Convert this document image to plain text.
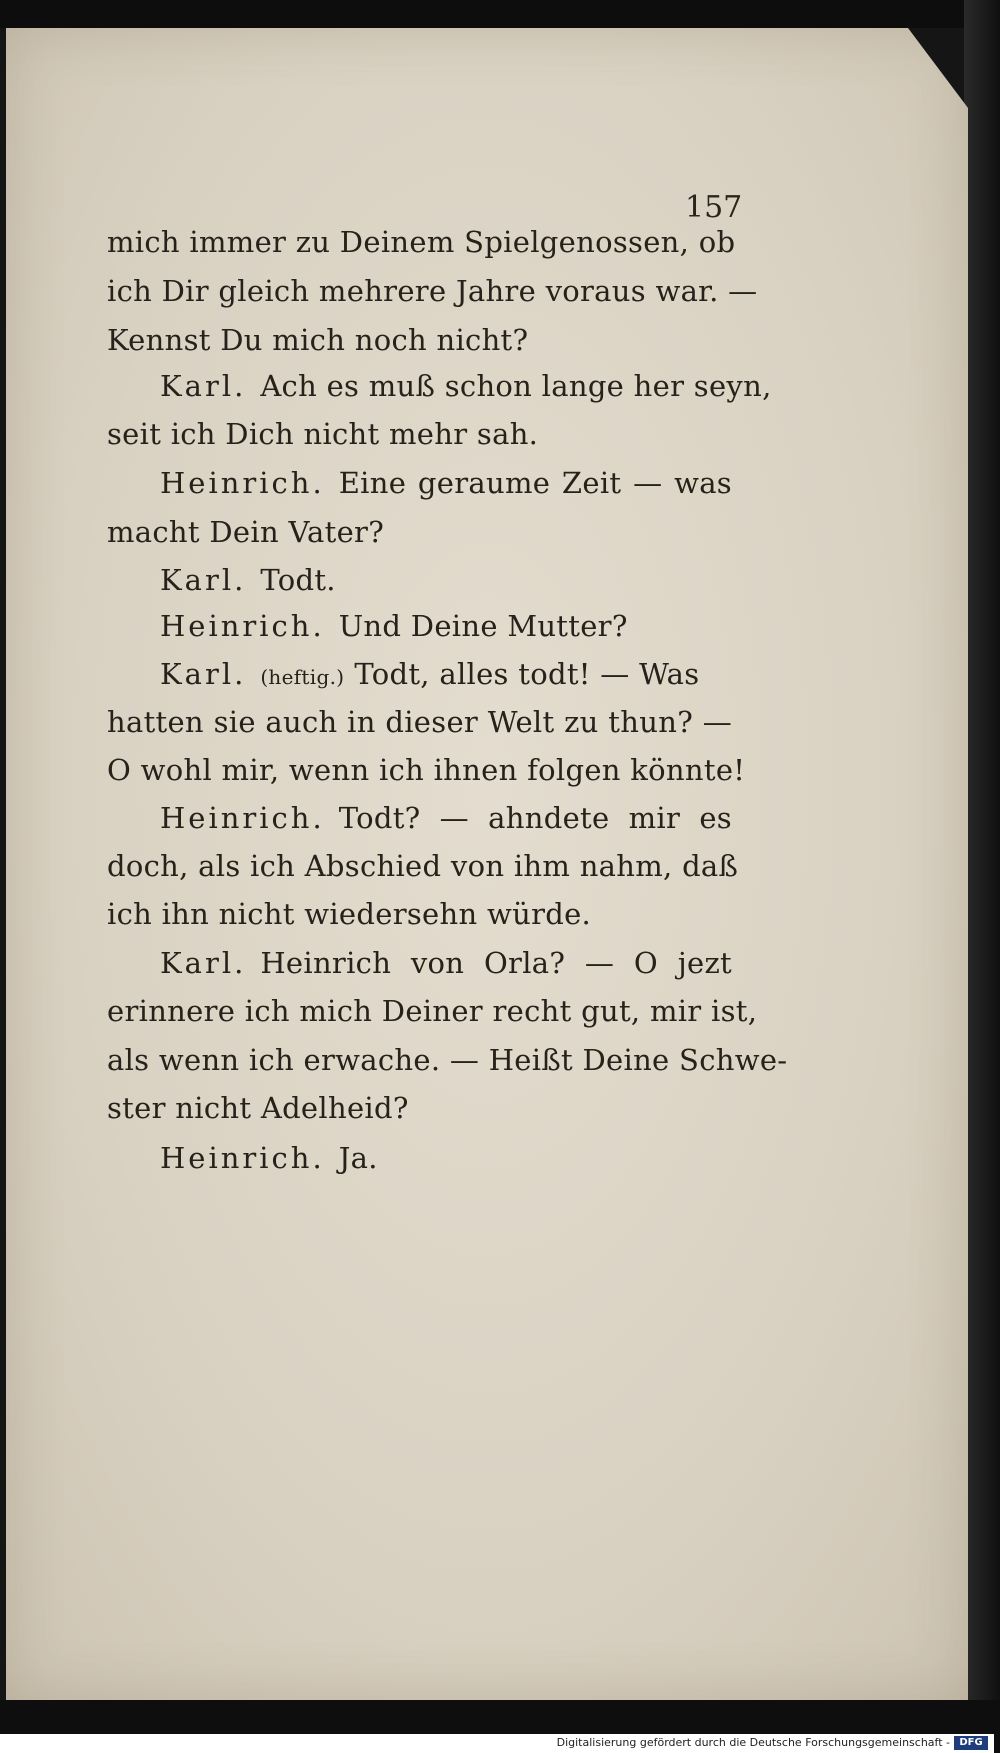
157
mich immer zu Deinem Spielgenossen, ob
ich Dir gleich mehrere Jahre voraus war. —
Kennst Du mich noch nicht?
Karl. Ach es muß schon lange her seyn,
seit ich Dich nicht mehr sah.
Heinrich. Eine geraume Zeit — was
macht Dein Vater?
Karl. Todt.
Heinrich. Und Deine Mutter?
Karl. (heftig.) Todt, alles todt! — Was
hatten sie auch in dieser Welt zu thun? —
O wohl mir, wenn ich ihnen folgen könnte!
Heinrich. Todt? — ahndete mir es
doch, als ich Abschied von ihm nahm, daß
ich ihn nicht wiedersehn würde.
Karl. Heinrich von Orla? — O jezt
erinnere ich mich Deiner recht gut, mir ist,
als wenn ich erwache. — Heißt Deine Schwe-
ster nicht Adelheid?
Heinrich. Ja.
Digitalisierung gefördert durch die Deutsche Forschungsgemeinschaft - DFG
